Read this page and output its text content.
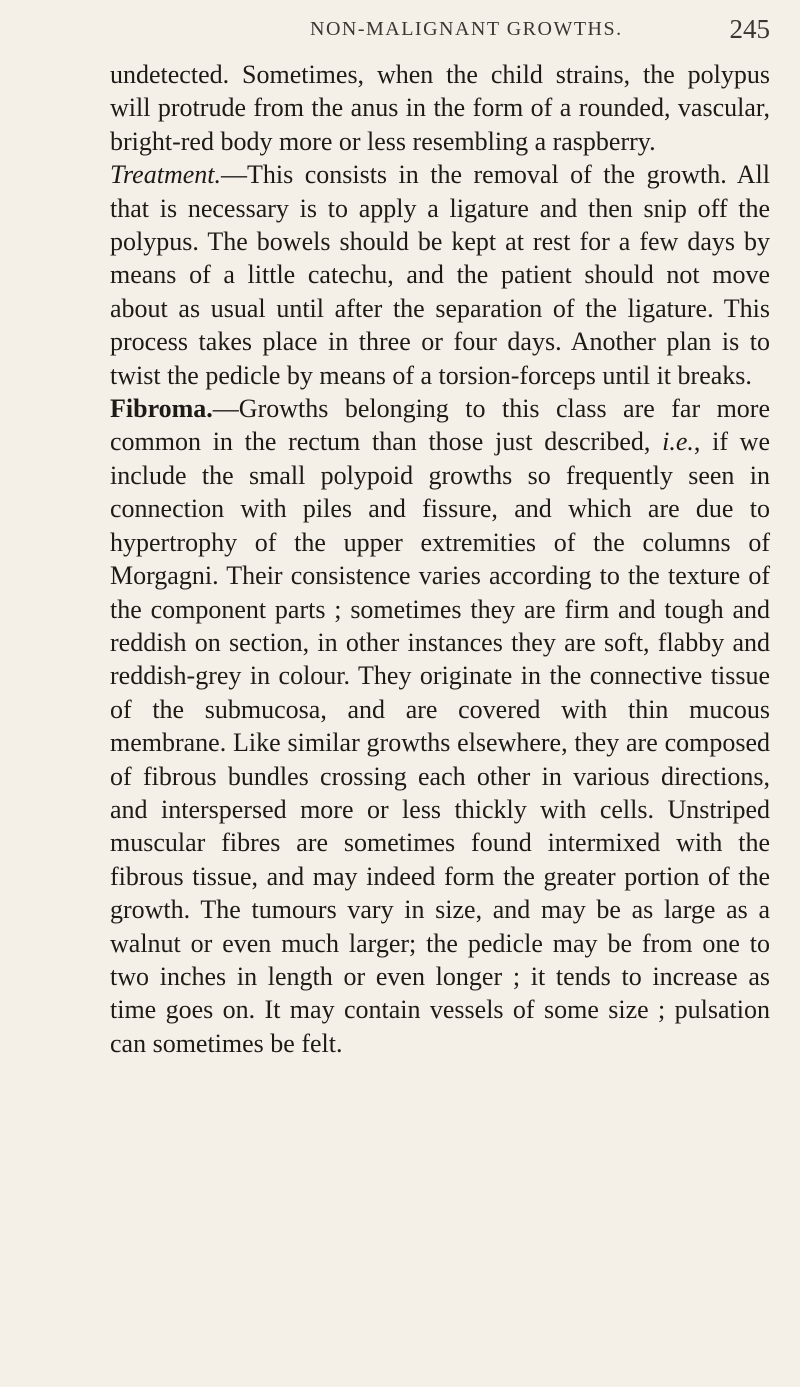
NON-MALIGNANT GROWTHS.	245

undetected. Sometimes, when the child strains, the polypus will protrude from the anus in the form of a rounded, vascular, bright-red body more or less resembling a raspberry.

Treatment.—This consists in the removal of the growth. All that is necessary is to apply a ligature and then snip off the polypus. The bowels should be kept at rest for a few days by means of a little catechu, and the patient should not move about as usual until after the separation of the ligature. This process takes place in three or four days. Another plan is to twist the pedicle by means of a torsion-forceps until it breaks.

Fibroma.—Growths belonging to this class are far more common in the rectum than those just described, i.e., if we include the small polypoid growths so frequently seen in connection with piles and fissure, and which are due to hypertrophy of the upper extremities of the columns of Morgagni. Their consistence varies according to the texture of the component parts ; sometimes they are firm and tough and reddish on section, in other instances they are soft, flabby and reddish-grey in colour. They originate in the connective tissue of the submucosa, and are covered with thin mucous membrane. Like similar growths elsewhere, they are composed of fibrous bundles crossing each other in various directions, and interspersed more or less thickly with cells. Unstriped muscular fibres are sometimes found intermixed with the fibrous tissue, and may indeed form the greater portion of the growth. The tumours vary in size, and may be as large as a walnut or even much larger; the pedicle may be from one to two inches in length or even longer ; it tends to increase as time goes on. It may contain vessels of some size ; pulsation can sometimes be felt.
